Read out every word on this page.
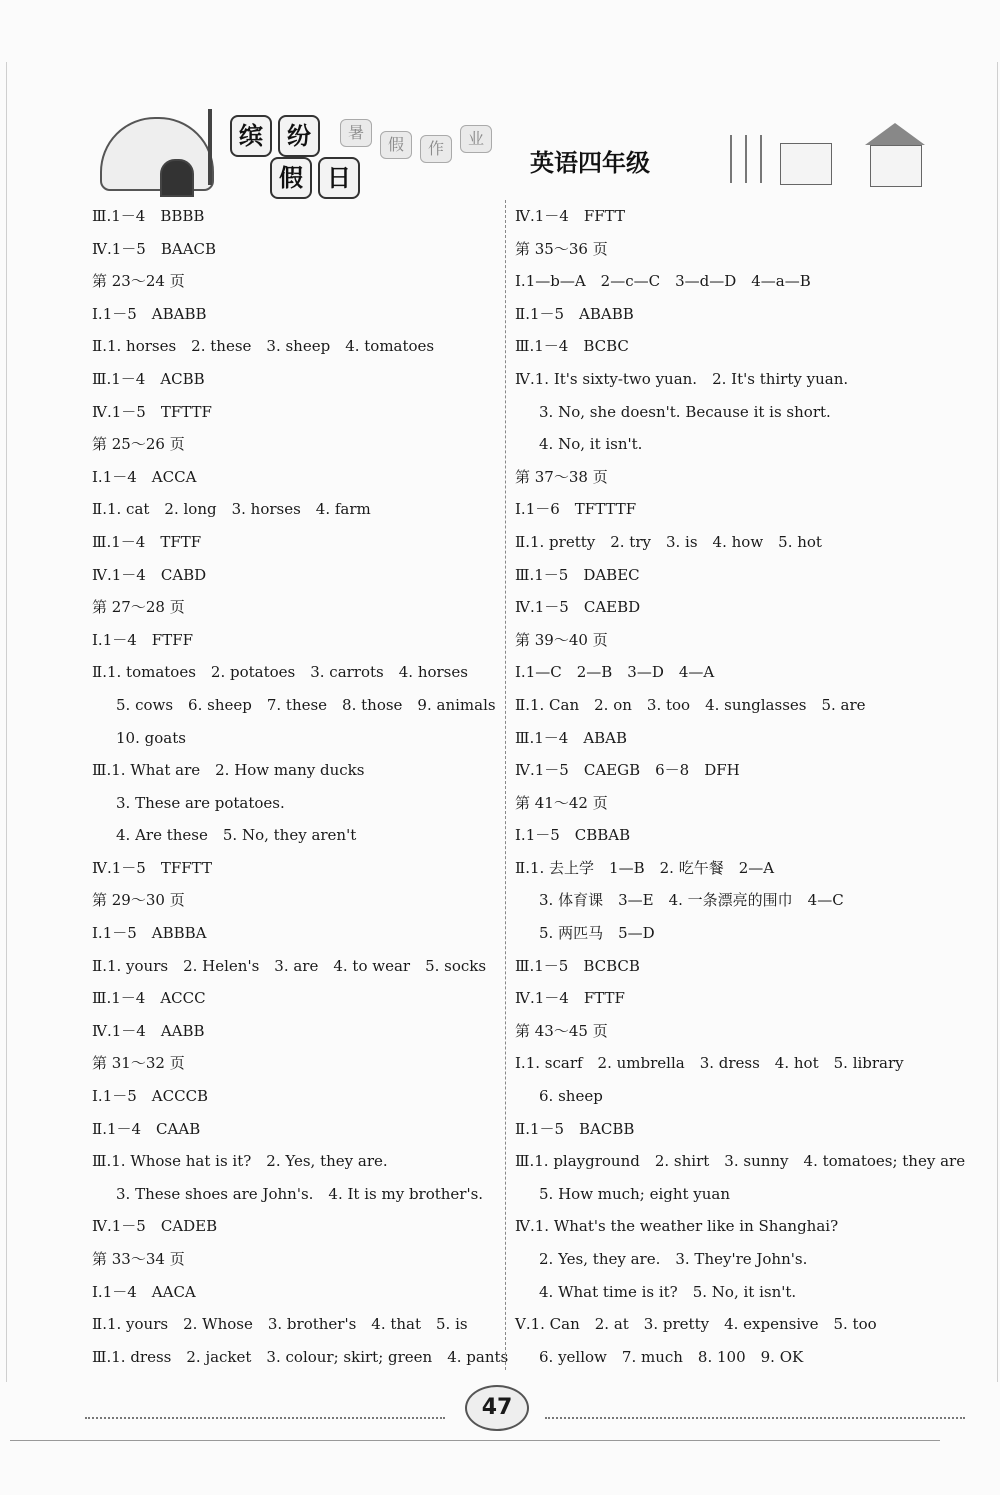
缤	纷
假	日
暑
假	作
业
英语四年级
Ⅲ.1－4　BBBB
Ⅳ.1－5　BAACB
第 23～24 页
Ⅰ.1－5　ABABB
Ⅱ.1. horses　2. these　3. sheep　4. tomatoes
Ⅲ.1－4　ACBB
Ⅳ.1－5　TFTTF
第 25～26 页
Ⅰ.1－4　ACCA
Ⅱ.1. cat　2. long　3. horses　4. farm
Ⅲ.1－4　TFTF
Ⅳ.1－4　CABD
第 27～28 页
Ⅰ.1－4　FTFF
Ⅱ.1. tomatoes　2. potatoes　3. carrots　4. horses
5. cows　6. sheep　7. these　8. those　9. animals
10. goats
Ⅲ.1. What are　2. How many ducks
3. These are potatoes.
4. Are these　5. No, they aren't
Ⅳ.1－5　TFFTT
第 29～30 页
Ⅰ.1－5　ABBBA
Ⅱ.1. yours　2. Helen's　3. are　4. to wear　5. socks
Ⅲ.1－4　ACCC
Ⅳ.1－4　AABB
第 31～32 页
Ⅰ.1－5　ACCCB
Ⅱ.1－4　CAAB
Ⅲ.1. Whose hat is it?　2. Yes, they are.
3. These shoes are John's.　4. It is my brother's.
Ⅳ.1－5　CADEB
第 33～34 页
Ⅰ.1－4　AACA
Ⅱ.1. yours　2. Whose　3. brother's　4. that　5. is
Ⅲ.1. dress　2. jacket　3. colour; skirt; green　4. pants
Ⅳ.1－4　FFTT
第 35～36 页
Ⅰ.1—b—A　2—c—C　3—d—D　4—a—B
Ⅱ.1－5　ABABB
Ⅲ.1－4　BCBC
Ⅳ.1. It's sixty-two yuan.　2. It's thirty yuan.
3. No, she doesn't. Because it is short.
4. No, it isn't.
第 37～38 页
Ⅰ.1－6　TFTTTF
Ⅱ.1. pretty　2. try　3. is　4. how　5. hot
Ⅲ.1－5　DABEC
Ⅳ.1－5　CAEBD
第 39～40 页
Ⅰ.1—C　2—B　3—D　4—A
Ⅱ.1. Can　2. on　3. too　4. sunglasses　5. are
Ⅲ.1－4　ABAB
Ⅳ.1－5　CAEGB　6－8　DFH
第 41～42 页
Ⅰ.1－5　CBBAB
Ⅱ.1. 去上学　1—B　2. 吃午餐　2—A
3. 体育课　3—E　4. 一条漂亮的围巾　4—C
5. 两匹马　5—D
Ⅲ.1－5　BCBCB
Ⅳ.1－4　FTTF
第 43～45 页
Ⅰ.1. scarf　2. umbrella　3. dress　4. hot　5. library
6. sheep
Ⅱ.1－5　BACBB
Ⅲ.1. playground　2. shirt　3. sunny　4. tomatoes; they are
5. How much; eight yuan
Ⅳ.1. What's the weather like in Shanghai?
2. Yes, they are.　3. They're John's.
4. What time is it?　5. No, it isn't.
Ⅴ.1. Can　2. at　3. pretty　4. expensive　5. too
6. yellow　7. much　8. 100　9. OK
47
